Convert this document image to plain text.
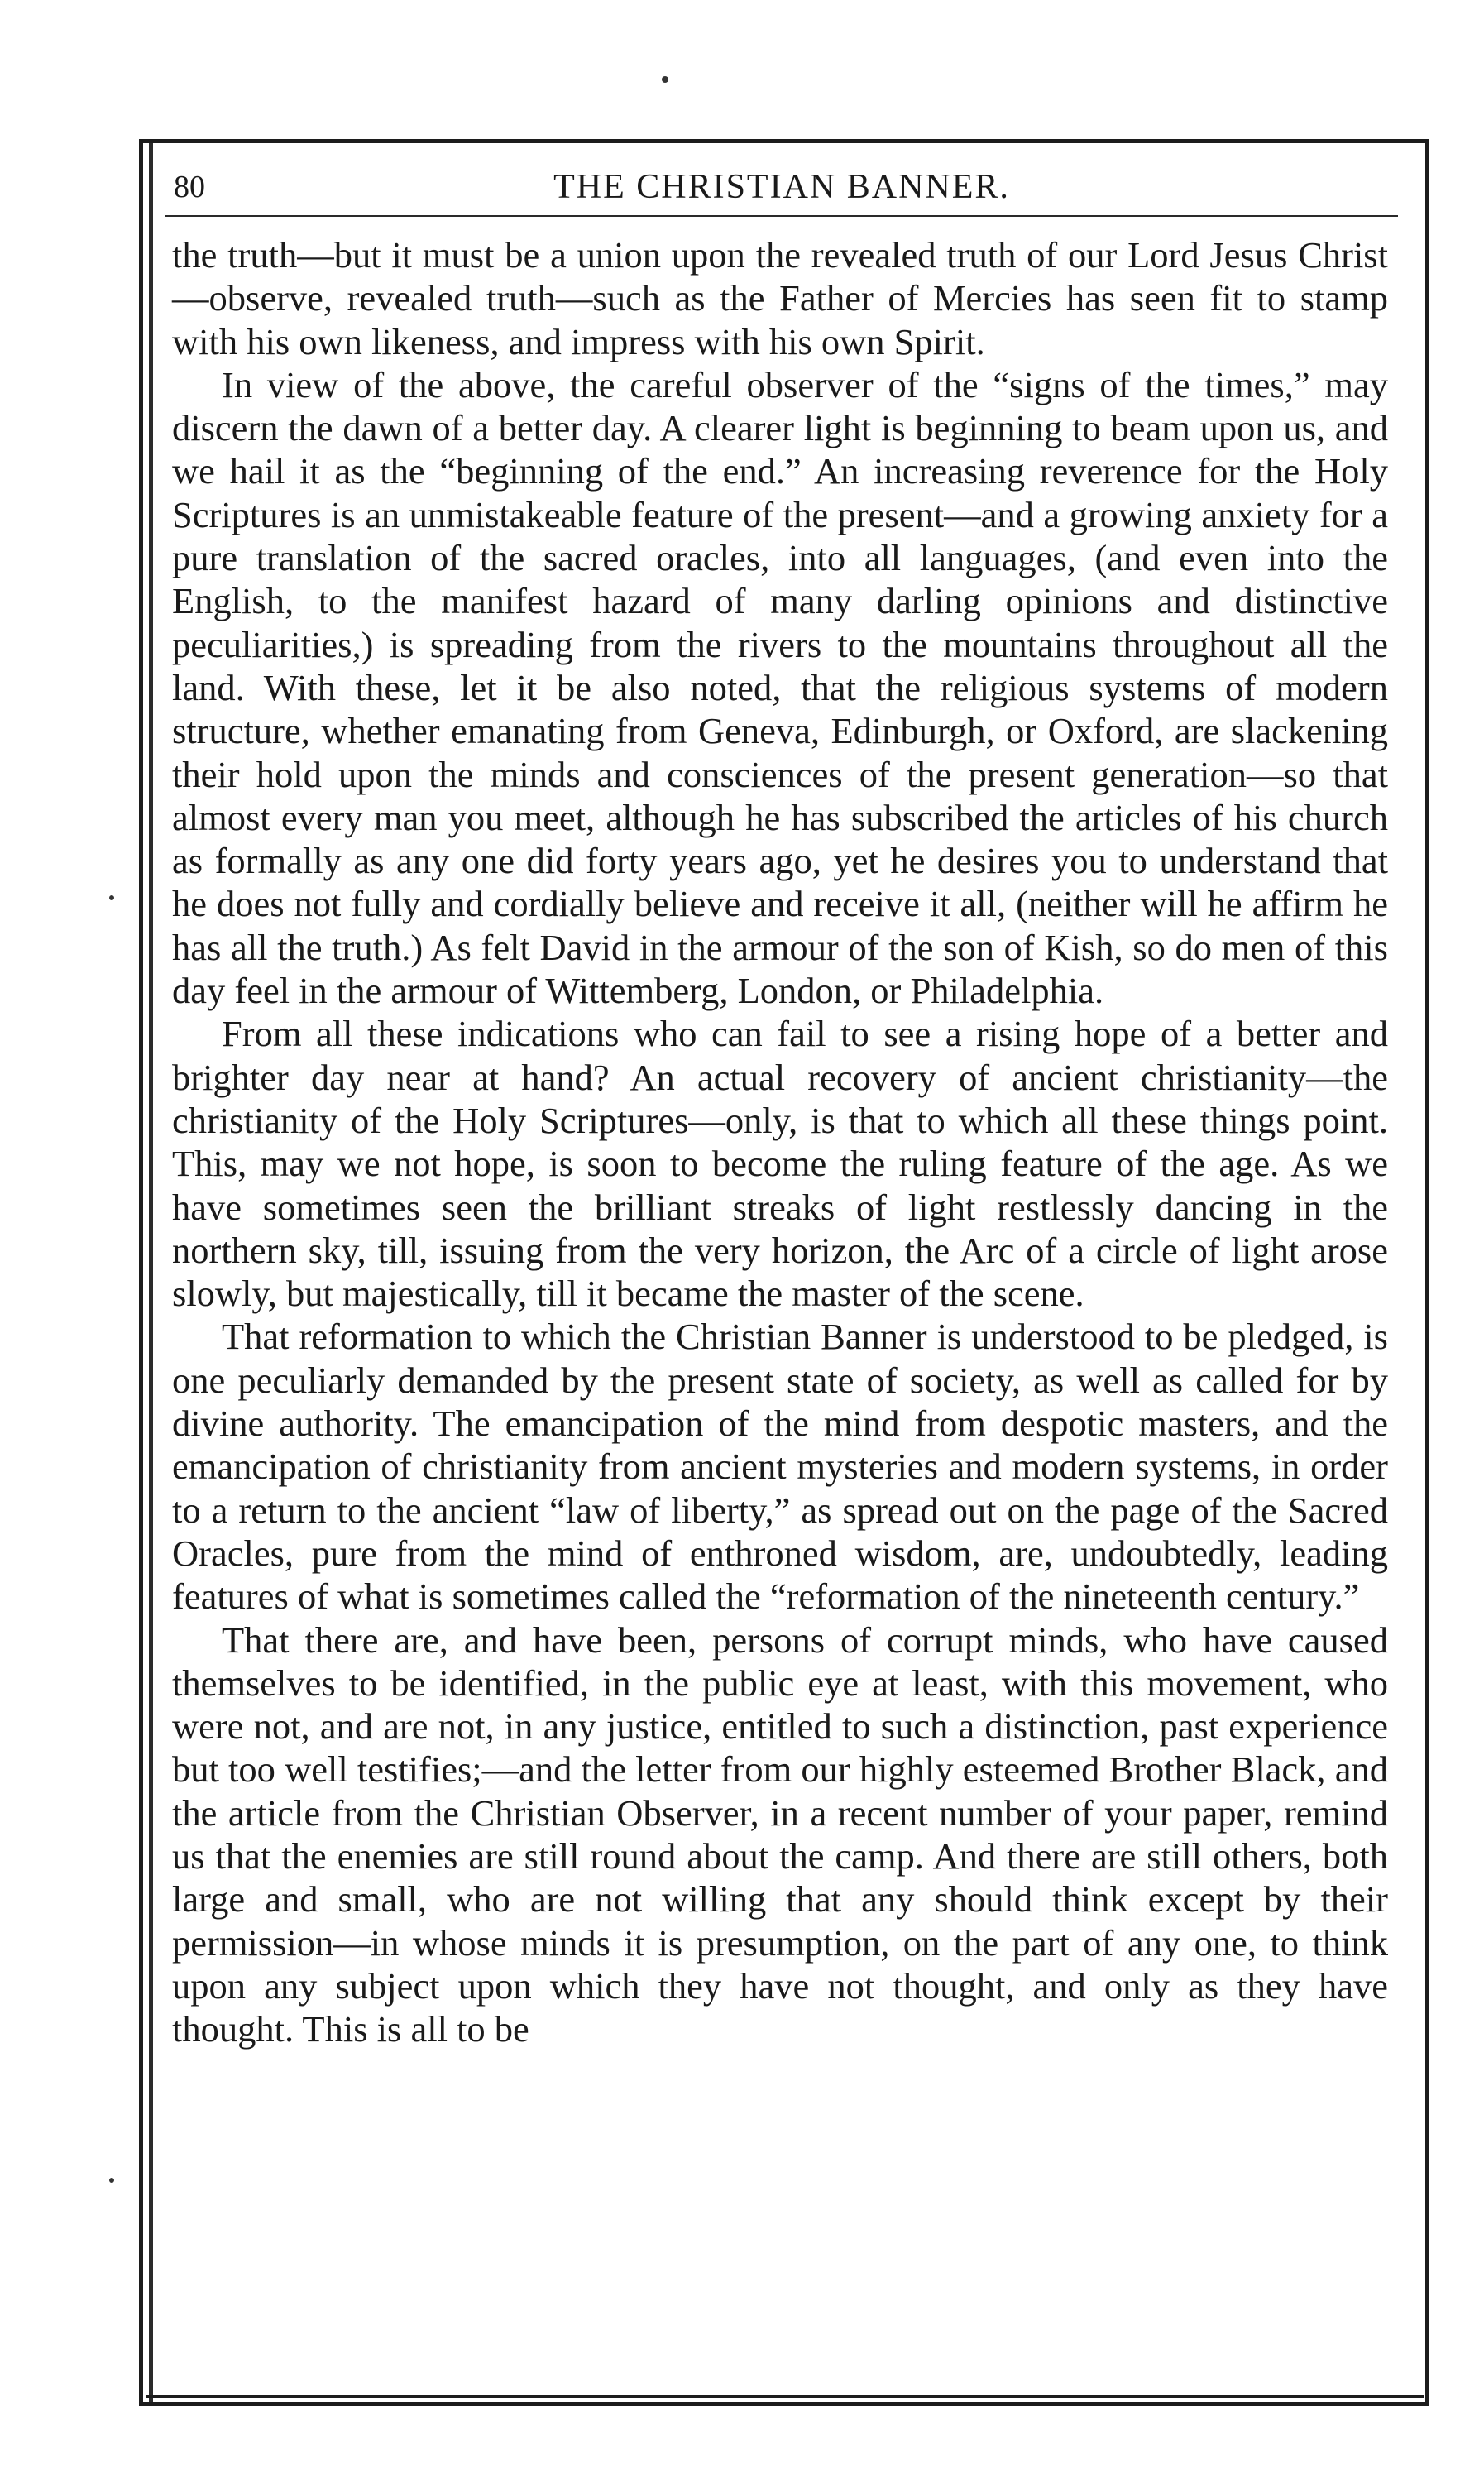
80	THE CHRISTIAN BANNER.

the truth—but it must be a union upon the revealed truth of our Lord Jesus Christ—observe, revealed truth—such as the Father of Mercies has seen fit to stamp with his own likeness, and impress with his own Spirit.

In view of the above, the careful observer of the “signs of the times,” may discern the dawn of a better day. A clearer light is beginning to beam upon us, and we hail it as the “beginning of the end.” An increasing reverence for the Holy Scriptures is an unmistakeable feature of the present—and a growing anxiety for a pure translation of the sacred oracles, into all languages, (and even into the English, to the manifest hazard of many darling opinions and distinctive peculiarities,) is spreading from the rivers to the mountains throughout all the land. With these, let it be also noted, that the religious systems of modern structure, whether emanating from Geneva, Edinburgh, or Oxford, are slackening their hold upon the minds and consciences of the present generation—so that almost every man you meet, although he has subscribed the articles of his church as formally as any one did forty years ago, yet he desires you to understand that he does not fully and cordially believe and receive it all, (neither will he affirm he has all the truth.) As felt David in the armour of the son of Kish, so do men of this day feel in the armour of Wittemberg, London, or Philadelphia.

From all these indications who can fail to see a rising hope of a better and brighter day near at hand? An actual recovery of ancient christianity—the christianity of the Holy Scriptures—only, is that to which all these things point. This, may we not hope, is soon to become the ruling feature of the age. As we have sometimes seen the brilliant streaks of light restlessly dancing in the northern sky, till, issuing from the very horizon, the Arc of a circle of light arose slowly, but majestically, till it became the master of the scene.

That reformation to which the Christian Banner is understood to be pledged, is one peculiarly demanded by the present state of society, as well as called for by divine authority. The emancipation of the mind from despotic masters, and the emancipation of christianity from ancient mysteries and modern systems, in order to a return to the ancient “law of liberty,” as spread out on the page of the Sacred Oracles, pure from the mind of enthroned wisdom, are, undoubtedly, leading features of what is sometimes called the “reformation of the nineteenth century.”

That there are, and have been, persons of corrupt minds, who have caused themselves to be identified, in the public eye at least, with this movement, who were not, and are not, in any justice, entitled to such a distinction, past experience but too well testifies;—and the letter from our highly esteemed Brother Black, and the article from the Christian Observer, in a recent number of your paper, remind us that the enemies are still round about the camp. And there are still others, both large and small, who are not willing that any should think except by their permission—in whose minds it is presumption, on the part of any one, to think upon any subject upon which they have not thought, and only as they have thought. This is all to be
